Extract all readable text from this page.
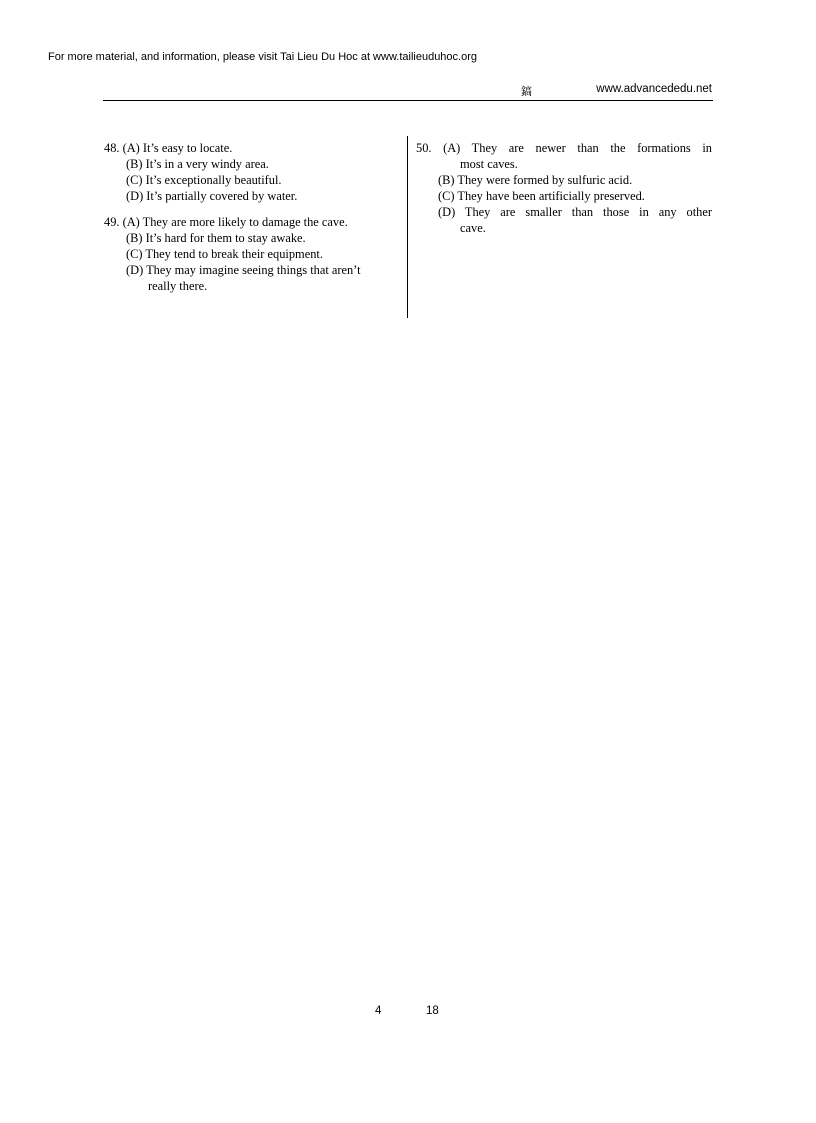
For more material, and information, please visit Tai Lieu Du Hoc at www.tailieuduhoc.org
鎬	www.advancededu.net

48. (A) It’s easy to locate.

(B) It’s in a very windy area.

(C) It’s exceptionally beautiful.

(D) It’s partially covered by water.

49. (A) They are more likely to damage the cave.

(B) It’s hard for them to stay awake.

(C) They tend to break their equipment.

(D) They may imagine seeing things that aren’t

really there.

50. (A) They are newer than the formations in

most caves.

(B) They were formed by sulfuric acid.

(C) They have been artificially preserved.

(D) They are smaller than those in any other

cave.

4	18
